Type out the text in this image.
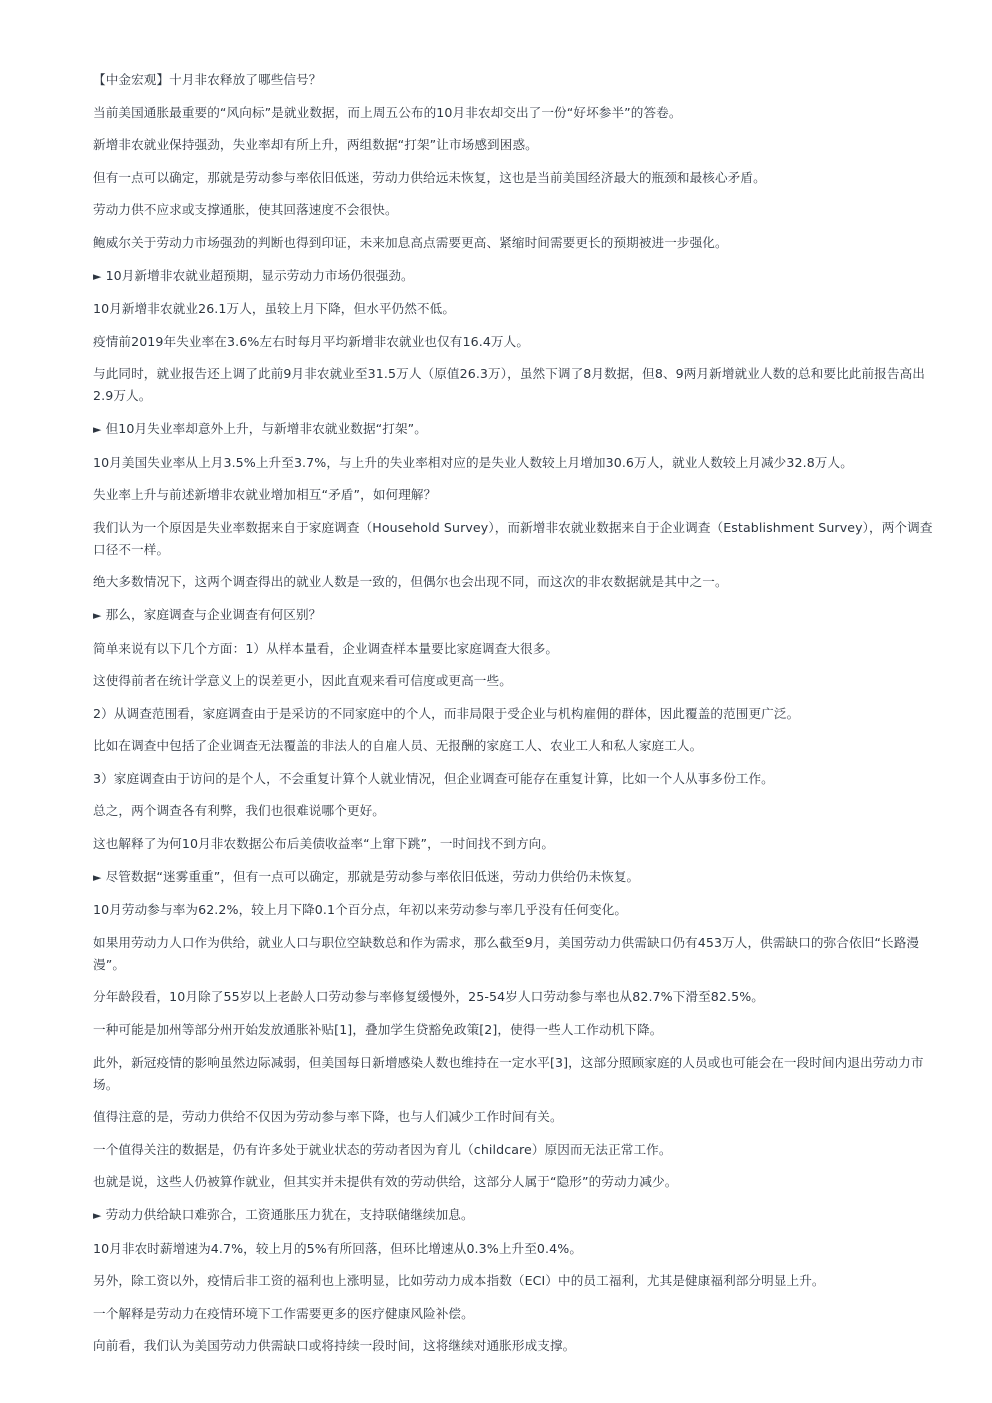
【中金宏观】十月非农释放了哪些信号？

当前美国通胀最重要的“风向标”是就业数据，而上周五公布的10月非农却交出了一份“好坏参半”的答卷。

新增非农就业保持强劲，失业率却有所上升，两组数据“打架”让市场感到困惑。

但有一点可以确定，那就是劳动参与率依旧低迷，劳动力供给远未恢复，这也是当前美国经济最大的瓶颈和最核心矛盾。

劳动力供不应求或支撑通胀，使其回落速度不会很快。

鲍威尔关于劳动力市场强劲的判断也得到印证，未来加息高点需要更高、紧缩时间需要更长的预期被进一步强化。

► 10月新增非农就业超预期，显示劳动力市场仍很强劲。

10月新增非农就业26.1万人，虽较上月下降，但水平仍然不低。

疫情前2019年失业率在3.6%左右时每月平均新增非农就业也仅有16.4万人。

与此同时，就业报告还上调了此前9月非农就业至31.5万人（原值26.3万），虽然下调了8月数据，但8、9两月新增就业人数的总和要比此前报告高出2.9万人。

► 但10月失业率却意外上升，与新增非农就业数据“打架”。

10月美国失业率从上月3.5%上升至3.7%，与上升的失业率相对应的是失业人数较上月增加30.6万人，就业人数较上月减少32.8万人。

失业率上升与前述新增非农就业增加相互“矛盾”，如何理解？

我们认为一个原因是失业率数据来自于家庭调查（Household Survey），而新增非农就业数据来自于企业调查（Establishment Survey），两个调查口径不一样。

绝大多数情况下，这两个调查得出的就业人数是一致的，但偶尔也会出现不同，而这次的非农数据就是其中之一。

► 那么，家庭调查与企业调查有何区别？

简单来说有以下几个方面：1）从样本量看，企业调查样本量要比家庭调查大很多。

这使得前者在统计学意义上的误差更小，因此直观来看可信度或更高一些。

2）从调查范围看，家庭调查由于是采访的不同家庭中的个人，而非局限于受企业与机构雇佣的群体，因此覆盖的范围更广泛。

比如在调查中包括了企业调查无法覆盖的非法人的自雇人员、无报酬的家庭工人、农业工人和私人家庭工人。

3）家庭调查由于访问的是个人，不会重复计算个人就业情况，但企业调查可能存在重复计算，比如一个人从事多份工作。

总之，两个调查各有利弊，我们也很难说哪个更好。

这也解释了为何10月非农数据公布后美债收益率“上窜下跳”，一时间找不到方向。

► 尽管数据“迷雾重重”，但有一点可以确定，那就是劳动参与率依旧低迷，劳动力供给仍未恢复。

10月劳动参与率为62.2%，较上月下降0.1个百分点，年初以来劳动参与率几乎没有任何变化。

如果用劳动力人口作为供给，就业人口与职位空缺数总和作为需求，那么截至9月，美国劳动力供需缺口仍有453万人，供需缺口的弥合依旧“长路漫漫”。

分年龄段看，10月除了55岁以上老龄人口劳动参与率修复缓慢外，25-54岁人口劳动参与率也从82.7%下滑至82.5%。

一种可能是加州等部分州开始发放通胀补贴[1]，叠加学生贷豁免政策[2]，使得一些人工作动机下降。

此外，新冠疫情的影响虽然边际减弱，但美国每日新增感染人数也维持在一定水平[3]，这部分照顾家庭的人员或也可能会在一段时间内退出劳动力市场。

值得注意的是，劳动力供给不仅因为劳动参与率下降，也与人们减少工作时间有关。

一个值得关注的数据是，仍有许多处于就业状态的劳动者因为育儿（childcare）原因而无法正常工作。

也就是说，这些人仍被算作就业，但其实并未提供有效的劳动供给，这部分人属于“隐形”的劳动力减少。

► 劳动力供给缺口难弥合，工资通胀压力犹在，支持联储继续加息。

10月非农时薪增速为4.7%，较上月的5%有所回落，但环比增速从0.3%上升至0.4%。

另外，除工资以外，疫情后非工资的福利也上涨明显，比如劳动力成本指数（ECI）中的员工福利，尤其是健康福利部分明显上升。

一个解释是劳动力在疫情环境下工作需要更多的医疗健康风险补偿。

向前看，我们认为美国劳动力供需缺口或将持续一段时间，这将继续对通胀形成支撑。
